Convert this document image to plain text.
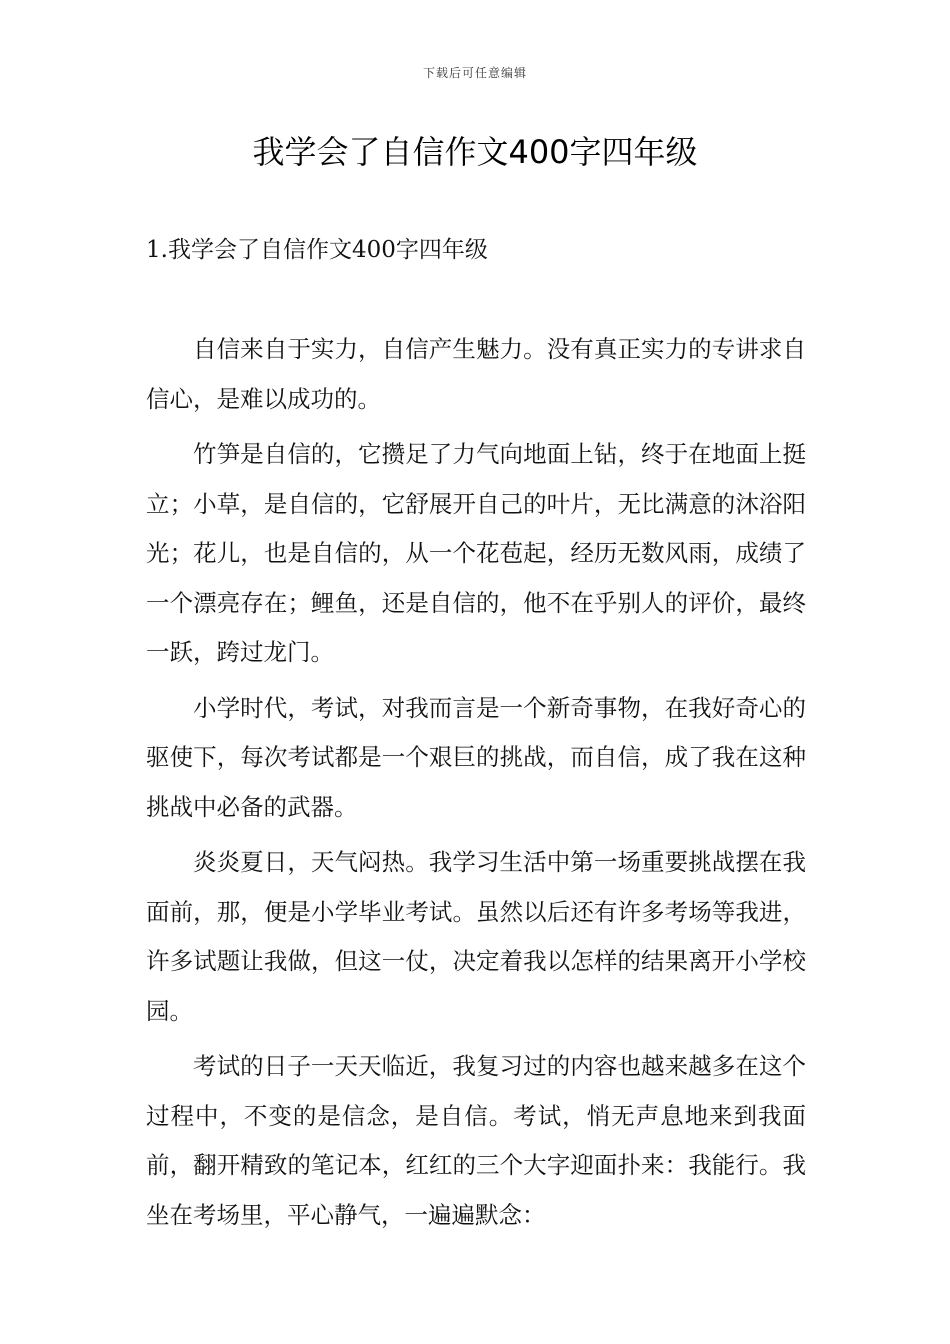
下载后可任意编辑
我学会了自信作文400字四年级
1.我学会了自信作文400字四年级

自信来自于实力，自信产生魅力。没有真正实力的专讲求自信心，是难以成功的。

竹笋是自信的，它攒足了力气向地面上钻，终于在地面上挺立；小草，是自信的，它舒展开自己的叶片，无比满意的沐浴阳光；花儿，也是自信的，从一个花苞起，经历无数风雨，成绩了一个漂亮存在；鲤鱼，还是自信的，他不在乎别人的评价，最终一跃，跨过龙门。

小学时代，考试，对我而言是一个新奇事物，在我好奇心的驱使下，每次考试都是一个艰巨的挑战，而自信，成了我在这种挑战中必备的武器。

炎炎夏日，天气闷热。我学习生活中第一场重要挑战摆在我面前，那，便是小学毕业考试。虽然以后还有许多考场等我进，许多试题让我做，但这一仗，决定着我以怎样的结果离开小学校园。

考试的日子一天天临近，我复习过的内容也越来越多在这个过程中，不变的是信念，是自信。考试，悄无声息地来到我面前，翻开精致的笔记本，红红的三个大字迎面扑来：我能行。我坐在考场里，平心静气，一遍遍默念：
